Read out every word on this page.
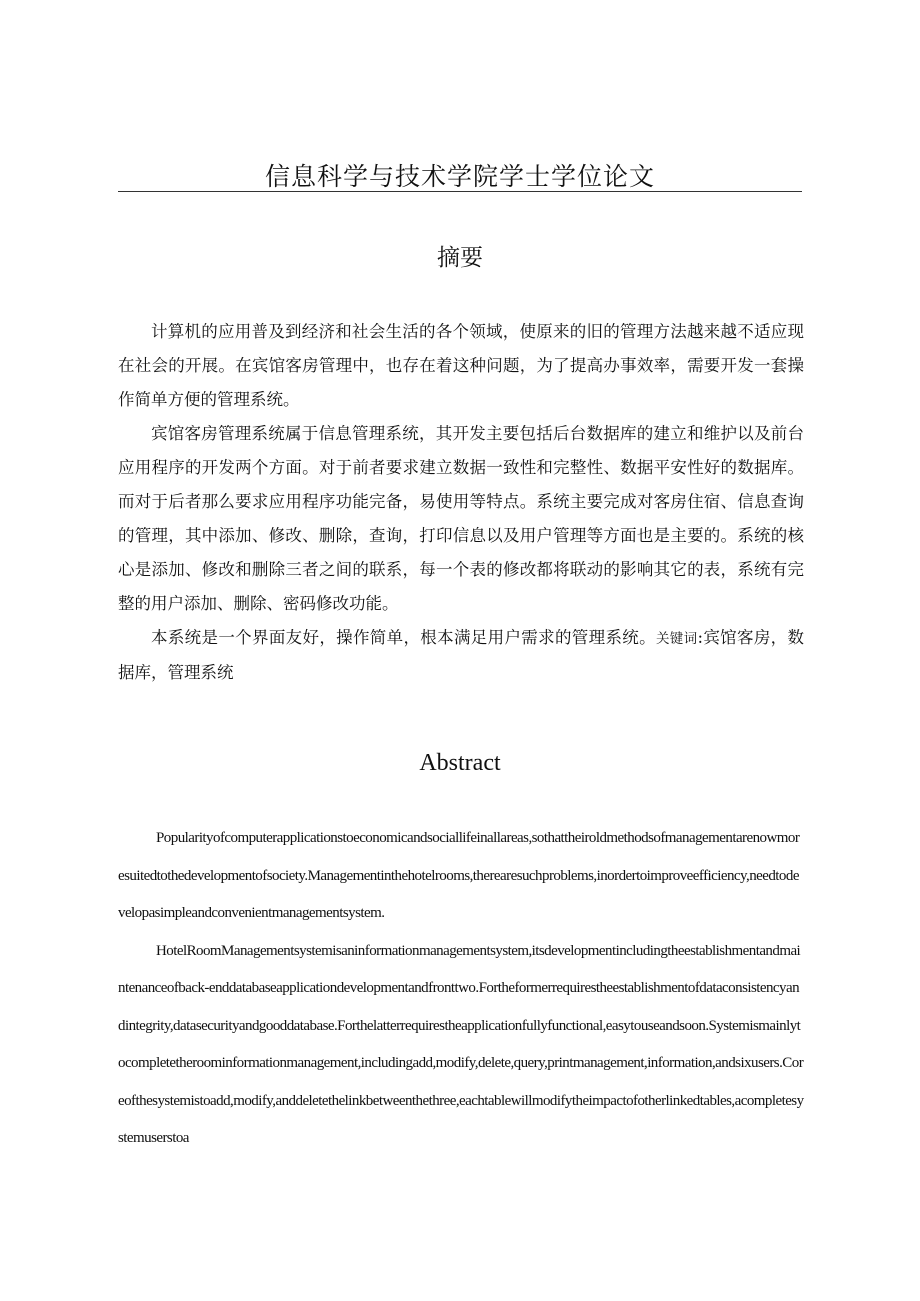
信息科学与技术学院学士学位论文
摘要

计算机的应用普及到经济和社会生活的各个领域，使原来的旧的管理方法越来越不适应现在社会的开展。在宾馆客房管理中，也存在着这种问题，为了提高办事效率，需要开发一套操作简单方便的管理系统。

宾馆客房管理系统属于信息管理系统，其开发主要包括后台数据库的建立和维护以及前台应用程序的开发两个方面。对于前者要求建立数据一致性和完整性、数据平安性好的数据库。而对于后者那么要求应用程序功能完备，易使用等特点。系统主要完成对客房住宿、信息查询的管理，其中添加、修改、删除，查询，打印信息以及用户管理等方面也是主要的。系统的核心是添加、修改和删除三者之间的联系，每一个表的修改都将联动的影响其它的表，系统有完整的用户添加、删除、密码修改功能。

本系统是一个界面友好，操作简单，根本满足用户需求的管理系统。关键词:宾馆客房，数据库，管理系统

Abstract

Popularityofcomputerapplicationstoeconomicandsociallifeinallareas,sothattheiroldmethodsofmanagementarenowmoresuitedtothedevelopmentofsociety.Managementinthehotelrooms,therearesuchproblems,inordertoimproveefficiency,needtodevelopasimpleandconvenientmanagementsystem.

HotelRoomManagementsystemisaninformationmanagementsystem,itsdevelopmentincludingtheestablishmentandmaintenanceofback-enddatabaseapplicationdevelopmentandfronttwo.Fortheformerrequirestheestablishmentofdataconsistencyandintegrity,datasecurityandgooddatabase.Forthelatterrequirestheapplicationfullyfunctional,easytouseandsoon.Systemismainlytocompletetheroominformationmanagement,includingadd,modify,delete,query,printmanagement,information,andsixusers.Coreofthesystemistoadd,modify,anddeletethelinkbetweenthethree,eachtablewillmodifytheimpactofotherlinkedtables,acompletesystemuserstoa
